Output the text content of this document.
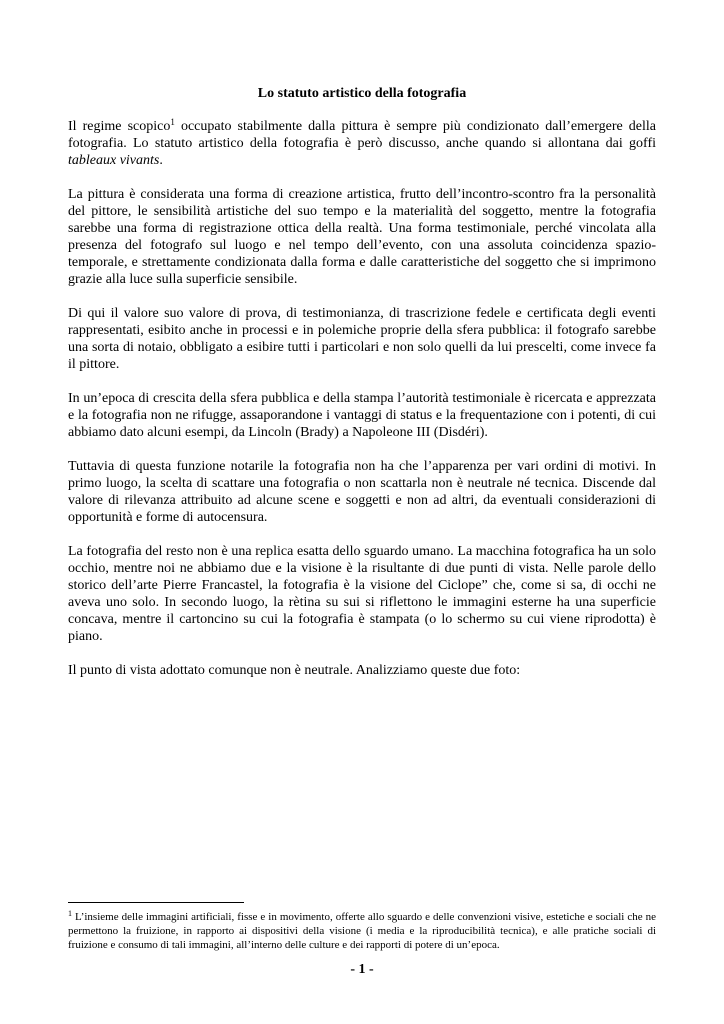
Lo statuto artistico della fotografia

Il regime scopico$^1$ occupato stabilmente dalla pittura è sempre più condizionato dall’emergere della fotografia. Lo statuto artistico della fotografia è però discusso, anche quando si allontana dai goffi tableaux vivants.

La pittura è considerata una forma di creazione artistica, frutto dell’incontro-scontro fra la personalità del pittore, le sensibilità artistiche del suo tempo e la materialità del soggetto, mentre la fotografia sarebbe una forma di registrazione ottica della realtà. Una forma testimoniale, perché vincolata alla presenza del fotografo sul luogo e nel tempo dell’evento, con una assoluta coincidenza spazio-temporale, e strettamente condizionata dalla forma e dalle caratteristiche del soggetto che si imprimono grazie alla luce sulla superficie sensibile.

Di qui il valore suo valore di prova, di testimonianza, di trascrizione fedele e certificata degli eventi rappresentati, esibito anche in processi e in polemiche proprie della sfera pubblica: il fotografo sarebbe una sorta di notaio, obbligato a esibire tutti i particolari e non solo quelli da lui prescelti, come invece fa il pittore.

In un’epoca di crescita della sfera pubblica e della stampa l’autorità testimoniale è ricercata e apprezzata e la fotografia non ne rifugge, assaporandone i vantaggi di status e la frequentazione con i potenti, di cui abbiamo dato alcuni esempi, da Lincoln (Brady) a Napoleone III (Disdéri).

Tuttavia di questa funzione notarile la fotografia non ha che l’apparenza per vari ordini di motivi. In primo luogo, la scelta di scattare una fotografia o non scattarla non è neutrale né tecnica. Discende dal valore di rilevanza attribuito ad alcune scene e soggetti e non ad altri, da eventuali considerazioni di opportunità e forme di autocensura.

La fotografia del resto non è una replica esatta dello sguardo umano. La macchina fotografica ha un solo occhio, mentre noi ne abbiamo due e la visione è la risultante di due punti di vista. Nelle parole dello storico dell’arte Pierre Francastel, la fotografia è la visione del Ciclope” che, come si sa, di occhi ne aveva uno solo. In secondo luogo, la rètina su sui si riflettono le immagini esterne ha una superficie concava, mentre il cartoncino su cui la fotografia è stampata (o lo schermo su cui viene riprodotta) è piano.

Il punto di vista adottato comunque non è neutrale. Analizziamo queste due foto:

$^1$ L’insieme delle immagini artificiali, fisse e in movimento, offerte allo sguardo e delle convenzioni visive, estetiche e sociali che ne permettono la fruizione, in rapporto ai dispositivi della visione (i media e la riproducibilità tecnica), e alle pratiche sociali di fruizione e consumo di tali immagini, all’interno delle culture e dei rapporti di potere di un’epoca.

- 1 -
